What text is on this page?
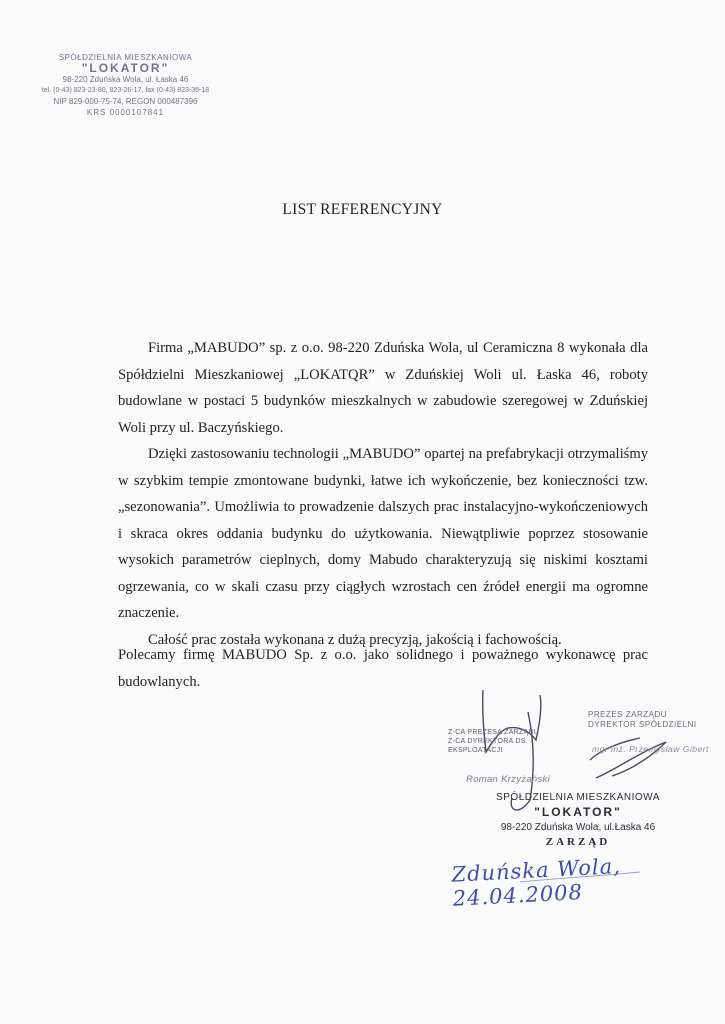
SPÓŁDZIELNIA MIESZKANIOWA
"LOKATOR"
98-220 Zduńska Wola, ul. Łaska 46
tel. (0-43) 823-23-80, 823-26-17, fax (0-43) 823-36-18
NIP 829-000-75-74, REGON 000487396
KRS 0000107841
LIST REFERENCYJNY

Firma „MABUDO” sp. z o.o. 98-220 Zduńska Wola, ul Ceramiczna 8 wykonała dla Spółdzielni Mieszkaniowej „LOKATQR” w Zduńskiej Woli ul. Łaska 46, roboty budowlane w postaci 5 budynków mieszkalnych w zabudowie szeregowej w Zduńskiej Woli przy ul. Baczyńskiego.

Dzięki zastosowaniu technologii „MABUDO” opartej na prefabrykacji otrzymaliśmy w szybkim tempie zmontowane budynki, łatwe ich wykończenie, bez konieczności tzw. „sezonowania”. Umożliwia to prowadzenie dalszych prac instalacyjno-wykończeniowych i skraca okres oddania budynku do użytkowania. Niewątpliwie poprzez stosowanie wysokich parametrów cieplnych, domy Mabudo charakteryzują się niskimi kosztami ogrzewania, co w skali czasu przy ciągłych wzrostach cen źródeł energii ma ogromne znaczenie.

Całość prac została wykonana z dużą precyzją, jakością i fachowością.

Polecamy firmę MABUDO Sp. z o.o. jako solidnego i poważnego wykonawcę prac budowlanych.
Z-CA PREZESA ZARZĄDU
Z-CA DYREKTORA DS. EKSPLOATACJI
Roman Krzyżański
PREZES ZARZĄDU
DYREKTOR SPÓŁDZIELNI
mgr inż. Przemysław Gibert
SPÓŁDZIELNIA MIESZKANIOWA
"LOKATOR"
98-220 Zduńska Wola, ul.Łaska 46
ZARZĄD
Zduńska Wola, 24.04.2008
